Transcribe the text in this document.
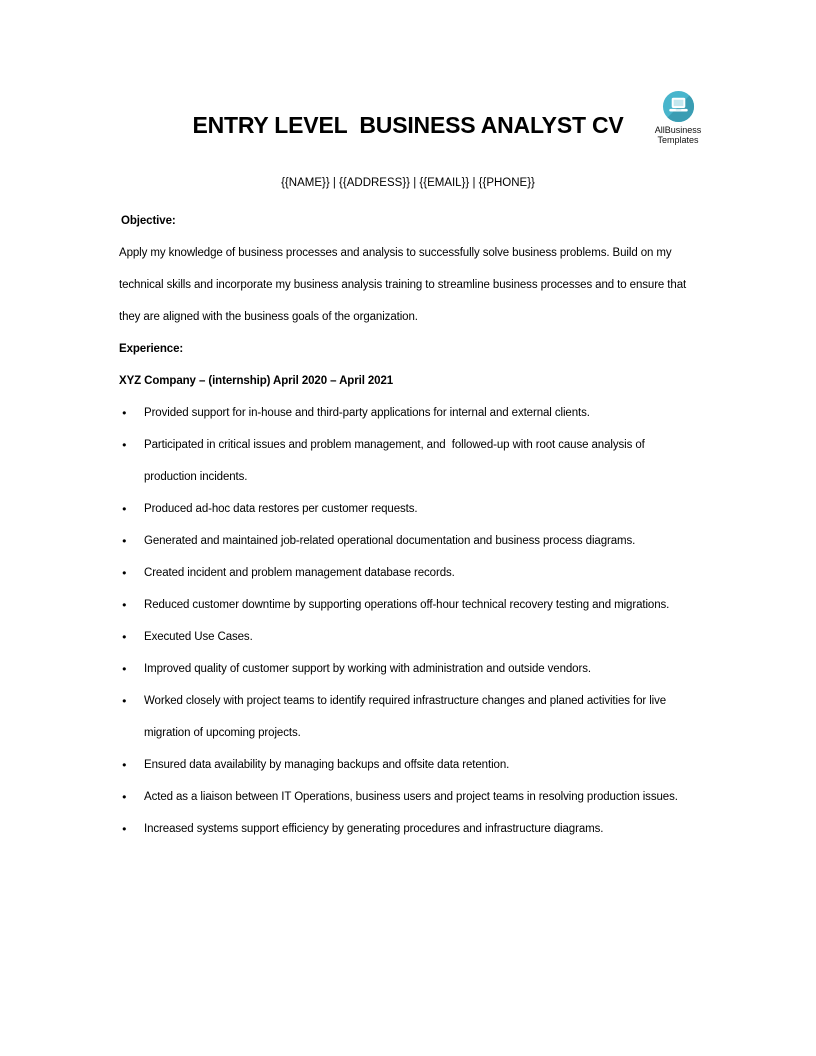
AllBusiness
Templates
ENTRY LEVEL  BUSINESS ANALYST CV
{{NAME}} | {{ADDRESS}} | {{EMAIL}} | {{PHONE}}

Objective:

Apply my knowledge of business processes and analysis to successfully solve business problems. Build on my technical skills and incorporate my business analysis training to streamline business processes and to ensure that they are aligned with the business goals of the organization.

Experience:

XYZ Company – (internship) April 2020 – April 2021

● Provided support for in-house and third-party applications for internal and external clients.
● Participated in critical issues and problem management, and  followed-up with root cause analysis of production incidents.
● Produced ad-hoc data restores per customer requests.
● Generated and maintained job-related operational documentation and business process diagrams.
● Created incident and problem management database records.
● Reduced customer downtime by supporting operations off-hour technical recovery testing and migrations.
● Executed Use Cases.
● Improved quality of customer support by working with administration and outside vendors.
● Worked closely with project teams to identify required infrastructure changes and planed activities for live migration of upcoming projects.
● Ensured data availability by managing backups and offsite data retention.
● Acted as a liaison between IT Operations, business users and project teams in resolving production issues.
● Increased systems support efficiency by generating procedures and infrastructure diagrams.
